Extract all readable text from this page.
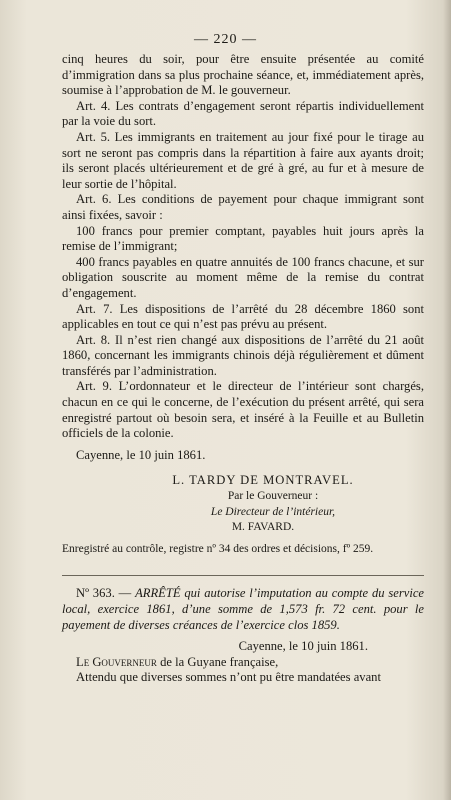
— 220 —

cinq heures du soir, pour être ensuite présentée au comité d’immigration dans sa plus prochaine séance, et, immédiatement après, soumise à l’approbation de M. le gouverneur.

Art. 4. Les contrats d’engagement seront répartis individuellement par la voie du sort.

Art. 5. Les immigrants en traitement au jour fixé pour le tirage au sort ne seront pas compris dans la répartition à faire aux ayants droit; ils seront placés ultérieurement et de gré à gré, au fur et à mesure de leur sortie de l’hôpital.

Art. 6. Les conditions de payement pour chaque immigrant sont ainsi fixées, savoir :

100 francs pour premier comptant, payables huit jours après la remise de l’immigrant;

400 francs payables en quatre annuités de 100 francs chacune, et sur obligation souscrite au moment même de la remise du contrat d’engagement.

Art. 7. Les dispositions de l’arrêté du 28 décembre 1860 sont applicables en tout ce qui n’est pas prévu au présent.

Art. 8. Il n’est rien changé aux dispositions de l’arrêté du 21 août 1860, concernant les immigrants chinois déjà régulièrement et dûment transférés par l’administration.

Art. 9. L’ordonnateur et le directeur de l’intérieur sont chargés, chacun en ce qui le concerne, de l’exécution du présent arrêté, qui sera enregistré partout où besoin sera, et inséré à la Feuille et au Bulletin officiels de la colonie.

Cayenne, le 10 juin 1861.

L. TARDY DE MONTRAVEL.

Par le Gouverneur :

Le Directeur de l’intérieur,

M. FAVARD.

Enregistré au contrôle, registre nº 34 des ordres et décisions, fº 259.

Nº 363. — ARRÊTÉ qui autorise l’imputation au compte du service local, exercice 1861, d’une somme de 1,573 fr. 72 cent. pour le payement de diverses créances de l’exercice clos 1859.

Cayenne, le 10 juin 1861.

Le Gouverneur de la Guyane française,

Attendu que diverses sommes n’ont pu être mandatées avant
